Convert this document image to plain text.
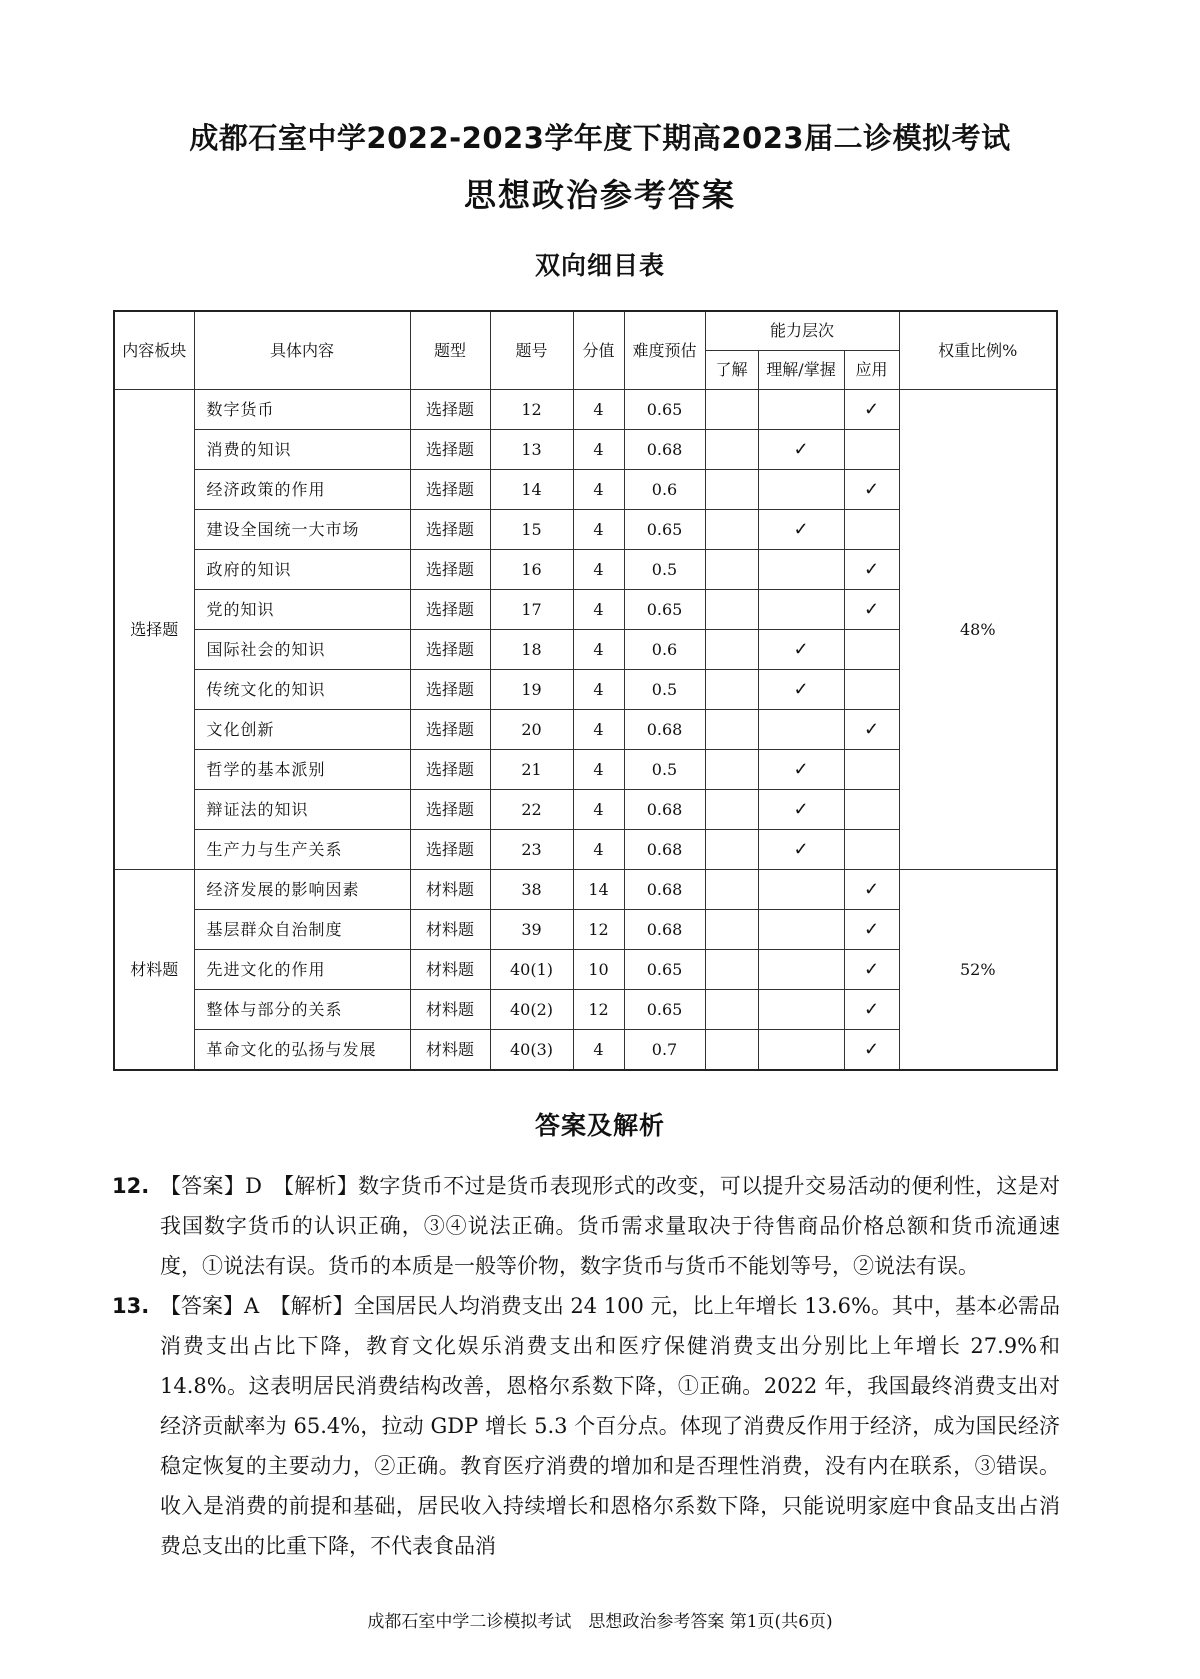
成都石室中学2022-2023学年度下期高2023届二诊模拟考试
思想政治参考答案
双向细目表
内容板块	具体内容	题型	题号	分值	难度预估	能力层次			权重比例%
						了解	理解/掌握	应用	
选择题	数字货币	选择题	12	4	0.65			✓	48%
	消费的知识	选择题	13	4	0.68		✓		
	经济政策的作用	选择题	14	4	0.6			✓	
	建设全国统一大市场	选择题	15	4	0.65		✓		
	政府的知识	选择题	16	4	0.5			✓	
	党的知识	选择题	17	4	0.65			✓	
	国际社会的知识	选择题	18	4	0.6		✓		
	传统文化的知识	选择题	19	4	0.5		✓		
	文化创新	选择题	20	4	0.68			✓	
	哲学的基本派别	选择题	21	4	0.5		✓		
	辩证法的知识	选择题	22	4	0.68		✓		
	生产力与生产关系	选择题	23	4	0.68		✓		
材料题	经济发展的影响因素	材料题	38	14	0.68			✓	52%
	基层群众自治制度	材料题	39	12	0.68			✓	
	先进文化的作用	材料题	40(1)	10	0.65			✓	
	整体与部分的关系	材料题	40(2)	12	0.65			✓	
	革命文化的弘扬与发展	材料题	40(3)	4	0.7			✓	
答案及解析
12. 【答案】D　【解析】数字货币不过是货币表现形式的改变，可以提升交易活动的便利性，这是对我国数字货币的认识正确，③④说法正确。货币需求量取决于待售商品价格总额和货币流通速度，①说法有误。货币的本质是一般等价物，数字货币与货币不能划等号，②说法有误。
13. 【答案】A　【解析】全国居民人均消费支出 24 100 元，比上年增长 13.6%。其中，基本必需品消费支出占比下降，教育文化娱乐消费支出和医疗保健消费支出分别比上年增长 27.9%和 14.8%。这表明居民消费结构改善，恩格尔系数下降，①正确。2022 年，我国最终消费支出对经济贡献率为 65.4%，拉动 GDP 增长 5.3 个百分点。体现了消费反作用于经济，成为国民经济稳定恢复的主要动力，②正确。教育医疗消费的增加和是否理性消费，没有内在联系，③错误。收入是消费的前提和基础，居民收入持续增长和恩格尔系数下降，只能说明家庭中食品支出占消费总支出的比重下降，不代表食品消
成都石室中学二诊模拟考试　思想政治参考答案 第1页(共6页)
